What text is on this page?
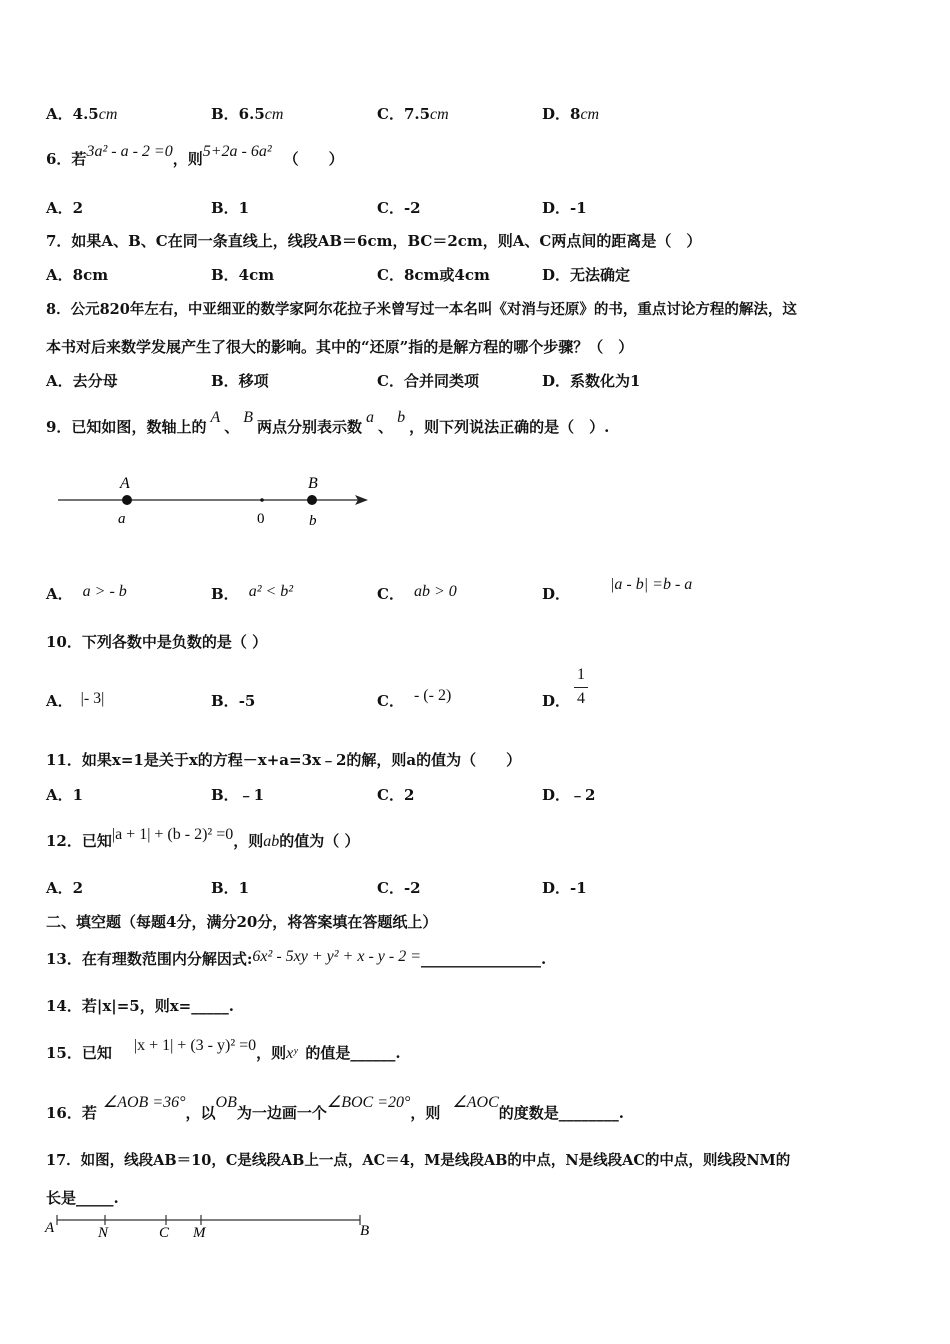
A．4.5cm	B．6.5cm	C．7.5cm	D．8cm
6．若3a² - a - 2 =0，则5+2a - 6a² （　　）
A．2	B．1	C．-2	D．-1
7．如果A、B、C在同一条直线上，线段AB＝6cm，BC＝2cm，则A、C两点间的距离是（　）
A．8cm	B．4cm	C．8cm或4cm	D．无法确定
8．公元820年左右，中亚细亚的数学家阿尔花拉子米曾写过一本名叫《对消与还原》的书，重点讨论方程的解法，这
本书对后来数学发展产生了很大的影响。其中的“还原”指的是解方程的哪个步骤？（　）
A．去分母	B．移项	C．合并同类项	D．系数化为1
9．已知如图，数轴上的A、B两点分别表示数a、b，则下列说法正确的是（　）.
A	B
a	0	b
A． a > - b	B． a² < b²	C． ab > 0	D．|a - b| =b - a
10．下列各数中是负数的是（ ）
A． |- 3|	B．-5	C． - (- 2)	D．
1
4
11．如果x=1是关于x的方程－x+a=3x﹣2的解，则a的值为（　　）
A．1	B．﹣1	C．2	D．﹣2
12．已知|a + 1| + (b - 2)² =0，则ab的值为（ ）
A．2	B．1	C．-2	D．-1
二、填空题（每题4分，满分20分，将答案填在答题纸上）
13．在有理数范围内分解因式:6x² - 5xy + y² + x - y - 2 =________________.
14．若|x|=5，则x=_____.
15．已知 |x + 1| + (3 - y)² =0，则xʸ 的值是______.
16．若∠AOB =36°，以OB为一边画一个∠BOC =20°，则∠AOC的度数是________.
17．如图，线段AB＝10，C是线段AB上一点，AC＝4，M是线段AB的中点，N是线段AC的中点，则线段NM的
长是_____.
A	N	C M	B
